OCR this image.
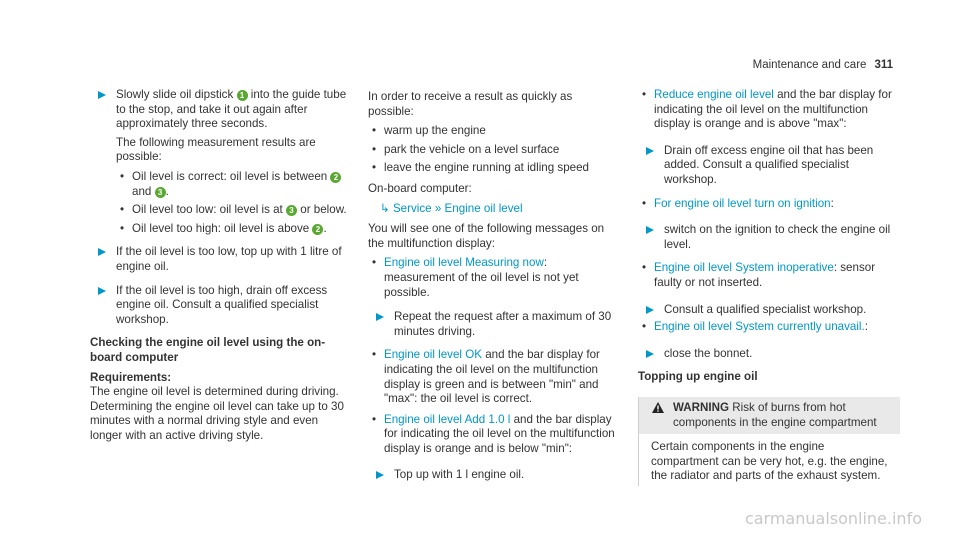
Maintenance and care 311
Slowly slide oil dipstick 1 into the guide tube to the stop, and take it out again after approximately three seconds.
The following measurement results are possible:
• Oil level is correct: oil level is between 2 and 3 .
• Oil level too low: oil level is at 3 or below.
• Oil level too high: oil level is above 2 .
If the oil level is too low, top up with 1 litre of engine oil.
If the oil level is too high, drain off excess engine oil. Consult a qualified specialist workshop.
Checking the engine oil level using the on-board computer
Requirements:
The engine oil level is determined during driving. Determining the engine oil level can take up to 30 minutes with a normal driving style and even longer with an active driving style.
In order to receive a result as quickly as possible:
• warm up the engine
• park the vehicle on a level surface
• leave the engine running at idling speed
On-board computer:
↳ Service » Engine oil level
You will see one of the following messages on the multifunction display:
• Engine oil level Measuring now: measurement of the oil level is not yet possible.
Repeat the request after a maximum of 30 minutes driving.
• Engine oil level OK and the bar display for indicating the oil level on the multifunction display is green and is between "min" and "max": the oil level is correct.
• Engine oil level Add 1.0 l and the bar display for indicating the oil level on the multifunction display is orange and is below "min":
Top up with 1 l engine oil.
• Reduce engine oil level and the bar display for indicating the oil level on the multifunction display is orange and is above "max":
Drain off excess engine oil that has been added. Consult a qualified specialist workshop.
• For engine oil level turn on ignition:
switch on the ignition to check the engine oil level.
• Engine oil level System inoperative: sensor faulty or not inserted.
Consult a qualified specialist workshop.
• Engine oil level System currently unavail.:
close the bonnet.
Topping up engine oil
WARNING Risk of burns from hot components in the engine compartment
Certain components in the engine compartment can be very hot, e.g. the engine, the radiator and parts of the exhaust system.
carmanualsonline.info
